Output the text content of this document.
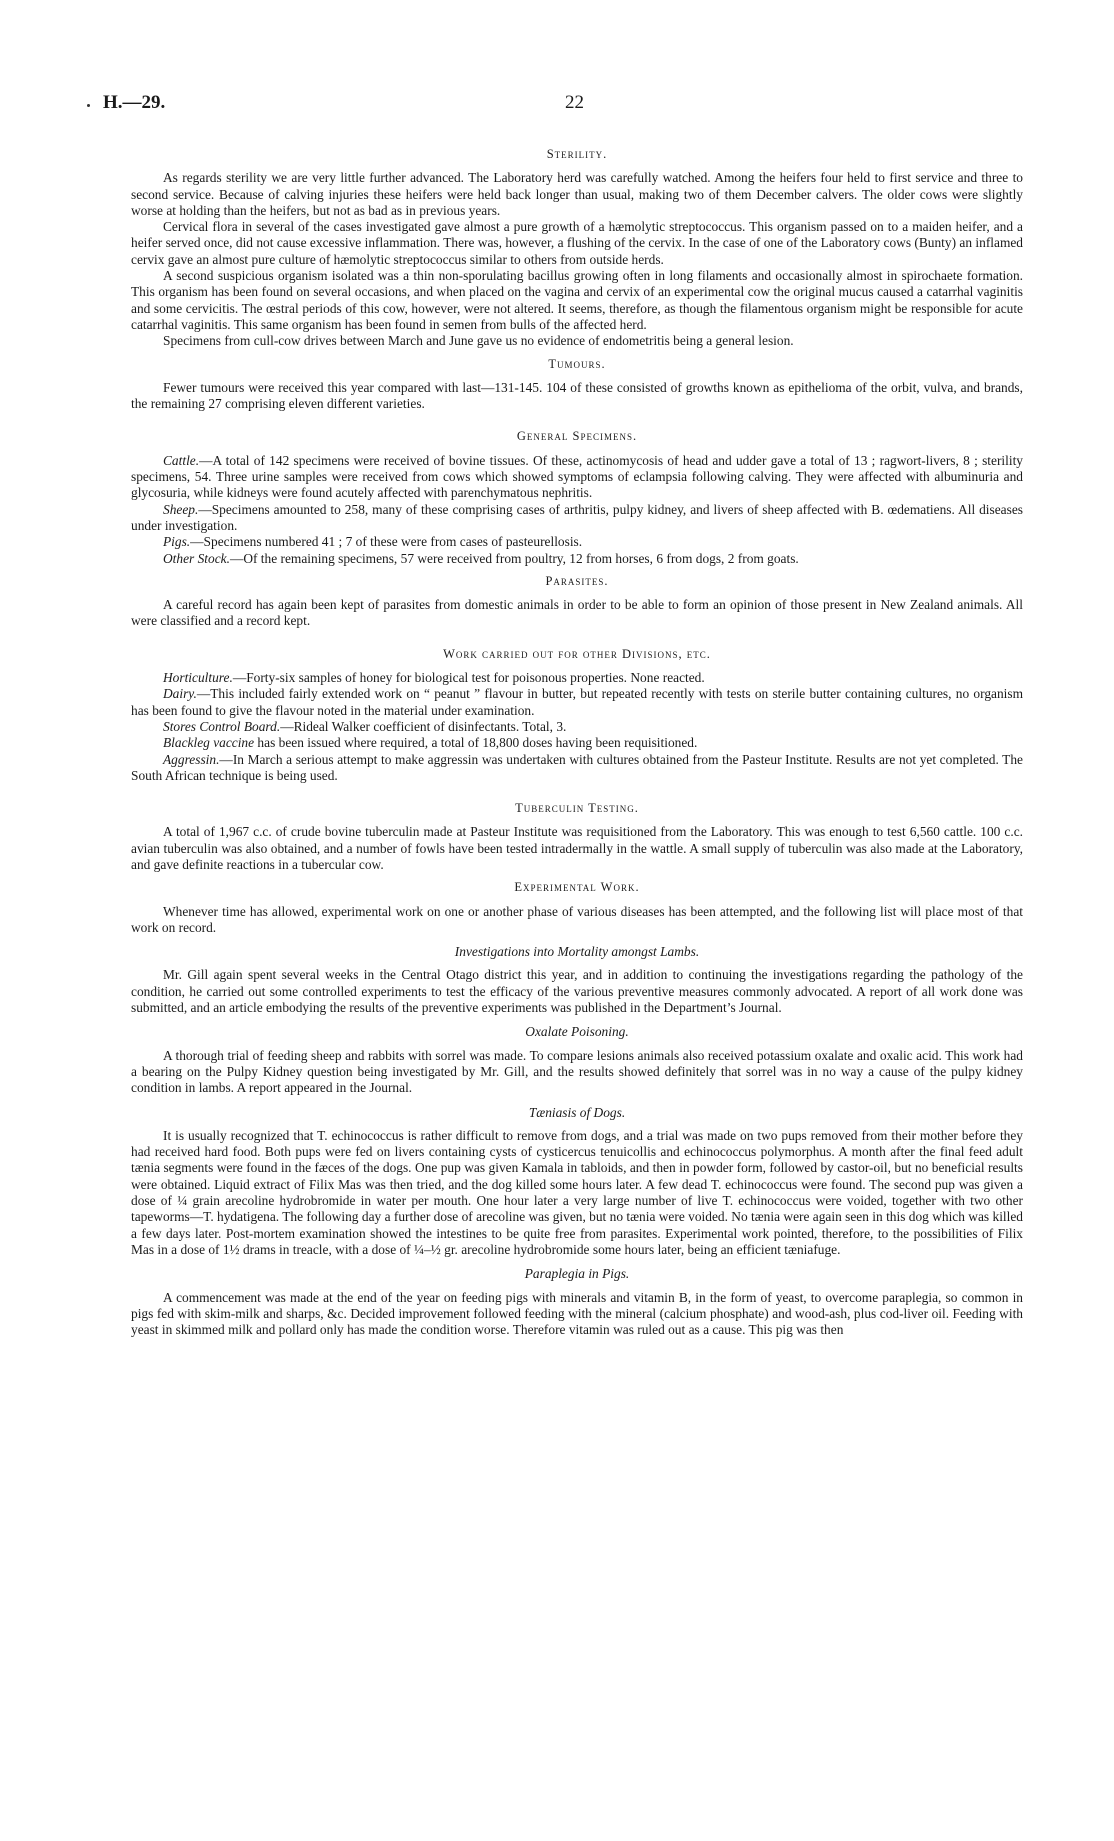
H.—29.	22
Sterility.

As regards sterility we are very little further advanced. The Laboratory herd was carefully watched. Among the heifers four held to first service and three to second service. Because of calving injuries these heifers were held back longer than usual, making two of them December calvers. The older cows were slightly worse at holding than the heifers, but not as bad as in previous years.

Cervical flora in several of the cases investigated gave almost a pure growth of a hæmolytic streptococcus. This organism passed on to a maiden heifer, and a heifer served once, did not cause excessive inflammation. There was, however, a flushing of the cervix. In the case of one of the Laboratory cows (Bunty) an inflamed cervix gave an almost pure culture of hæmolytic streptococcus similar to others from outside herds.

A second suspicious organism isolated was a thin non-sporulating bacillus growing often in long filaments and occasionally almost in spirochaete formation. This organism has been found on several occasions, and when placed on the vagina and cervix of an experimental cow the original mucus caused a catarrhal vaginitis and some cervicitis. The œstral periods of this cow, however, were not altered. It seems, therefore, as though the filamentous organism might be responsible for acute catarrhal vaginitis. This same organism has been found in semen from bulls of the affected herd.

Specimens from cull-cow drives between March and June gave us no evidence of endometritis being a general lesion.

Tumours.

Fewer tumours were received this year compared with last—131-145. 104 of these consisted of growths known as epithelioma of the orbit, vulva, and brands, the remaining 27 comprising eleven different varieties.

General Specimens.

Cattle.—A total of 142 specimens were received of bovine tissues. Of these, actinomycosis of head and udder gave a total of 13 ; ragwort-livers, 8 ; sterility specimens, 54. Three urine samples were received from cows which showed symptoms of eclampsia following calving. They were affected with albuminuria and glycosuria, while kidneys were found acutely affected with parenchymatous nephritis.

Sheep.—Specimens amounted to 258, many of these comprising cases of arthritis, pulpy kidney, and livers of sheep affected with B. œdematiens. All diseases under investigation.

Pigs.—Specimens numbered 41 ; 7 of these were from cases of pasteurellosis.

Other Stock.—Of the remaining specimens, 57 were received from poultry, 12 from horses, 6 from dogs, 2 from goats.

Parasites.

A careful record has again been kept of parasites from domestic animals in order to be able to form an opinion of those present in New Zealand animals. All were classified and a record kept.

Work carried out for other Divisions, etc.

Horticulture.—Forty-six samples of honey for biological test for poisonous properties. None reacted.

Dairy.—This included fairly extended work on “ peanut ” flavour in butter, but repeated recently with tests on sterile butter containing cultures, no organism has been found to give the flavour noted in the material under examination.

Stores Control Board.—Rideal Walker coefficient of disinfectants. Total, 3.

Blackleg vaccine has been issued where required, a total of 18,800 doses having been requisitioned.

Aggressin.—In March a serious attempt to make aggressin was undertaken with cultures obtained from the Pasteur Institute. Results are not yet completed. The South African technique is being used.

Tuberculin Testing.

A total of 1,967 c.c. of crude bovine tuberculin made at Pasteur Institute was requisitioned from the Laboratory. This was enough to test 6,560 cattle. 100 c.c. avian tuberculin was also obtained, and a number of fowls have been tested intradermally in the wattle. A small supply of tuberculin was also made at the Laboratory, and gave definite reactions in a tubercular cow.

Experimental Work.

Whenever time has allowed, experimental work on one or another phase of various diseases has been attempted, and the following list will place most of that work on record.

Investigations into Mortality amongst Lambs.

Mr. Gill again spent several weeks in the Central Otago district this year, and in addition to continuing the investigations regarding the pathology of the condition, he carried out some controlled experiments to test the efficacy of the various preventive measures commonly advocated. A report of all work done was submitted, and an article embodying the results of the preventive experiments was published in the Department’s Journal.

Oxalate Poisoning.

A thorough trial of feeding sheep and rabbits with sorrel was made. To compare lesions animals also received potassium oxalate and oxalic acid. This work had a bearing on the Pulpy Kidney question being investigated by Mr. Gill, and the results showed definitely that sorrel was in no way a cause of the pulpy kidney condition in lambs. A report appeared in the Journal.

Tæniasis of Dogs.

It is usually recognized that T. echinococcus is rather difficult to remove from dogs, and a trial was made on two pups removed from their mother before they had received hard food. Both pups were fed on livers containing cysts of cysticercus tenuicollis and echinococcus polymorphus. A month after the final feed adult tænia segments were found in the fæces of the dogs. One pup was given Kamala in tabloids, and then in powder form, followed by castor-oil, but no beneficial results were obtained. Liquid extract of Filix Mas was then tried, and the dog killed some hours later. A few dead T. echinococcus were found. The second pup was given a dose of ¼ grain arecoline hydrobromide in water per mouth. One hour later a very large number of live T. echinococcus were voided, together with two other tapeworms—T. hydatigena. The following day a further dose of arecoline was given, but no tænia were voided. No tænia were again seen in this dog which was killed a few days later. Post-mortem examination showed the intestines to be quite free from parasites. Experimental work pointed, therefore, to the possibilities of Filix Mas in a dose of 1½ drams in treacle, with a dose of ¼–½ gr. arecoline hydrobromide some hours later, being an efficient tæniafuge.

Paraplegia in Pigs.

A commencement was made at the end of the year on feeding pigs with minerals and vitamin B, in the form of yeast, to overcome paraplegia, so common in pigs fed with skim-milk and sharps, &c. Decided improvement followed feeding with the mineral (calcium phosphate) and wood-ash, plus cod-liver oil. Feeding with yeast in skimmed milk and pollard only has made the condition worse. Therefore vitamin was ruled out as a cause. This pig was then
